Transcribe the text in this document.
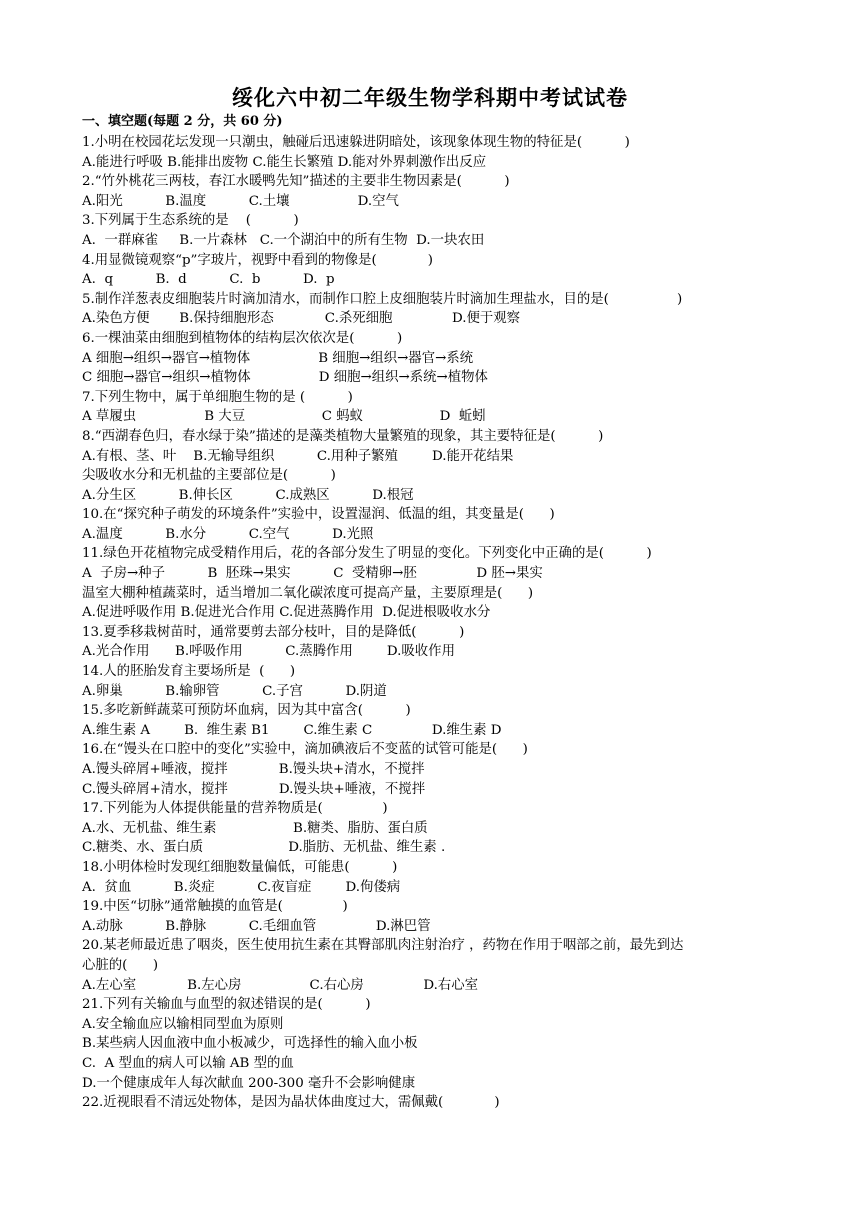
绥化六中初二年级生物学科期中考试试卷
一、填空题(每题 2 分，共 60 分)
1.小明在校园花坛发现一只潮虫，触碰后迅速躲进阴暗处，该现象体现生物的特征是(          )
A.能进行呼吸 B.能排出废物 C.能生长繁殖 D.能对外界刺激作出反应
2.“竹外桃花三两枝，春江水暖鸭先知”描述的主要非生物因素是(          )
A.阳光          B.温度          C.土壤                D.空气
3.下列属于生态系统的是    (          )
A.  一群麻雀     B.一片森林   C.一个湖泊中的所有生物  D.一块农田
4.用显微镜观察“p”字玻片，视野中看到的物像是(            )
A.  q          B.  d          C.  b          D.  p
5.制作洋葱表皮细胞装片时滴加清水，而制作口腔上皮细胞装片时滴加生理盐水，目的是(                )
A.染色方便       B.保持细胞形态            C.杀死细胞              D.便于观察
6.一棵油菜由细胞到植物体的结构层次依次是(          )
A 细胞→组织→器官→植物体                B 细胞→组织→器官→系统
C 细胞→器官→组织→植物体                D 细胞→组织→系统→植物体
7.下列生物中，属于单细胞生物的是 (          )
A 草履虫                B 大豆                  C 蚂蚁                  D  蚯蚓
8.“西湖春色归，春水绿于染”描述的是藻类植物大量繁殖的现象，其主要特征是(          )
A.有根、茎、叶    B.无输导组织          C.用种子繁殖        D.能开花结果
尖吸收水分和无机盐的主要部位是(          )
A.分生区          B.伸长区          C.成熟区          D.根冠
10.在“探究种子萌发的环境条件”实验中，设置湿润、低温的组，其变量是(      )
A.温度          B.水分          C.空气          D.光照
11.绿色开花植物完成受精作用后，花的各部分发生了明显的变化。下列变化中正确的是(          )
A  子房→种子          B  胚珠→果实          C  受精卵→胚              D 胚→果实
温室大棚种植蔬菜时，适当增加二氧化碳浓度可提高产量，主要原理是(      )
A.促进呼吸作用 B.促进光合作用 C.促进蒸腾作用  D.促进根吸收水分
13.夏季移栽树苗时，通常要剪去部分枝叶，目的是降低(          )
A.光合作用      B.呼吸作用          C.蒸腾作用        D.吸收作用
14.人的胚胎发育主要场所是  (      )
A.卵巢          B.输卵管          C.子宫          D.阴道
15.多吃新鲜蔬菜可预防坏血病，因为其中富含(          )
A.维生素 A        B.  维生素 B1        C.维生素 C              D.维生素 D
16.在“馒头在口腔中的变化”实验中，滴加碘液后不变蓝的试管可能是(      )
A.馒头碎屑+唾液，搅拌            B.馒头块+清水，不搅拌
C.馒头碎屑+清水，搅拌            D.馒头块+唾液，不搅拌
17.下列能为人体提供能量的营养物质是(              )
A.水、无机盐、维生素                  B.糖类、脂肪、蛋白质
C.糖类、水、蛋白质                    D.脂肪、无机盐、维生素 .
18.小明体检时发现红细胞数量偏低，可能患(          )
A.  贫血          B.炎症          C.夜盲症        D.佝偻病
19.中医“切脉”通常触摸的血管是(              )
A.动脉          B.静脉          C.毛细血管              D.淋巴管
20.某老师最近患了咽炎，医生使用抗生素在其臀部肌肉注射治疗 ，药物在作用于咽部之前，最先到达
心脏的(      )
A.左心室            B.左心房                C.右心房              D.右心室
21.下列有关输血与血型的叙述错误的是(          )
A.安全输血应以输相同型血为原则
B.某些病人因血液中血小板减少，可选择性的输入血小板
C.  A 型血的病人可以输 AB 型的血
D.一个健康成年人每次献血 200-300 毫升不会影响健康
22.近视眼看不清远处物体，是因为晶状体曲度过大，需佩戴(            )
